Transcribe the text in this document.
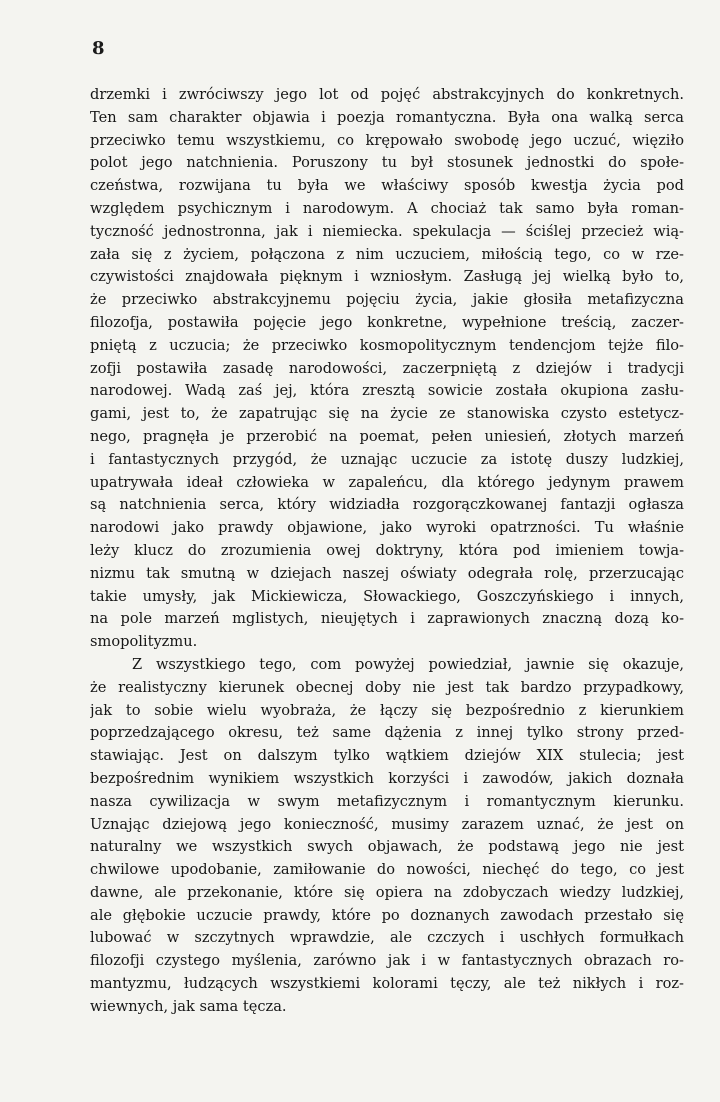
8
drzemki i zwróciwszy jego lot od pojęć abstrakcyjnych do konkretnych.
Ten sam charakter objawia i poezja romantyczna. Była ona walką serca
przeciwko temu wszystkiemu, co krępowało swobodę jego uczuć, więziło
polot jego natchnienia. Poruszony tu był stosunek jednostki do społe-
czeństwa, rozwijana tu była we właściwy sposób kwestja życia pod
względem psychicznym i narodowym. A chociaż tak samo była roman-
tyczność jednostronna, jak i niemiecka. spekulacja — ściślej przecież wią-
zała się z życiem, połączona z nim uczuciem, miłością tego, co w rze-
czywistości znajdowała pięknym i wzniosłym. Zasługą jej wielką było to,
że przeciwko abstrakcyjnemu pojęciu życia, jakie głosiła metafizyczna
filozofja, postawiła pojęcie jego konkretne, wypełnione treścią, zaczer-
pniętą z uczucia; że przeciwko kosmopolitycznym tendencjom tejże filo-
zofji postawiła zasadę narodowości, zaczerpniętą z dziejów i tradycji
narodowej. Wadą zaś jej, która zresztą sowicie została okupiona zasłu-
gami, jest to, że zapatrując się na życie ze stanowiska czysto estetycz-
nego, pragnęła je przerobić na poemat, pełen uniesień, złotych marzeń
i fantastycznych przygód, że uznając uczucie za istotę duszy ludzkiej,
upatrywała ideał człowieka w zapaleńcu, dla którego jedynym prawem
są natchnienia serca, który widziadła rozgorączkowanej fantazji ogłasza
narodowi jako prawdy objawione, jako wyroki opatrzności. Tu właśnie
leży klucz do zrozumienia owej doktryny, która pod imieniem towja-
nizmu tak smutną w dziejach naszej oświaty odegrała rolę, przerzucając
takie umysły, jak Mickiewicza, Słowackiego, Goszczyńskiego i innych,
na pole marzeń mglistych, nieujętych i zaprawionych znaczną dozą ko-
smopolityzmu.
Z wszystkiego tego, com powyżej powiedział, jawnie się okazuje,
że realistyczny kierunek obecnej doby nie jest tak bardzo przypadkowy,
jak to sobie wielu wyobraża, że łączy się bezpośrednio z kierunkiem
poprzedzającego okresu, też same dążenia z innej tylko strony przed-
stawiając. Jest on dalszym tylko wątkiem dziejów XIX stulecia; jest
bezpośrednim wynikiem wszystkich korzyści i zawodów, jakich doznała
nasza cywilizacja w swym metafizycznym i romantycznym kierunku.
Uznając dziejową jego konieczność, musimy zarazem uznać, że jest on
naturalny we wszystkich swych objawach, że podstawą jego nie jest
chwilowe upodobanie, zamiłowanie do nowości, niechęć do tego, co jest
dawne, ale przekonanie, które się opiera na zdobyczach wiedzy ludzkiej,
ale głębokie uczucie prawdy, które po doznanych zawodach przestało się
lubować w szczytnych wprawdzie, ale czczych i uschłych formułkach
filozofji czystego myślenia, zarówno jak i w fantastycznych obrazach ro-
mantyzmu, łudzących wszystkiemi kolorami tęczy, ale też nikłych i roz-
wiewnych, jak sama tęcza.
